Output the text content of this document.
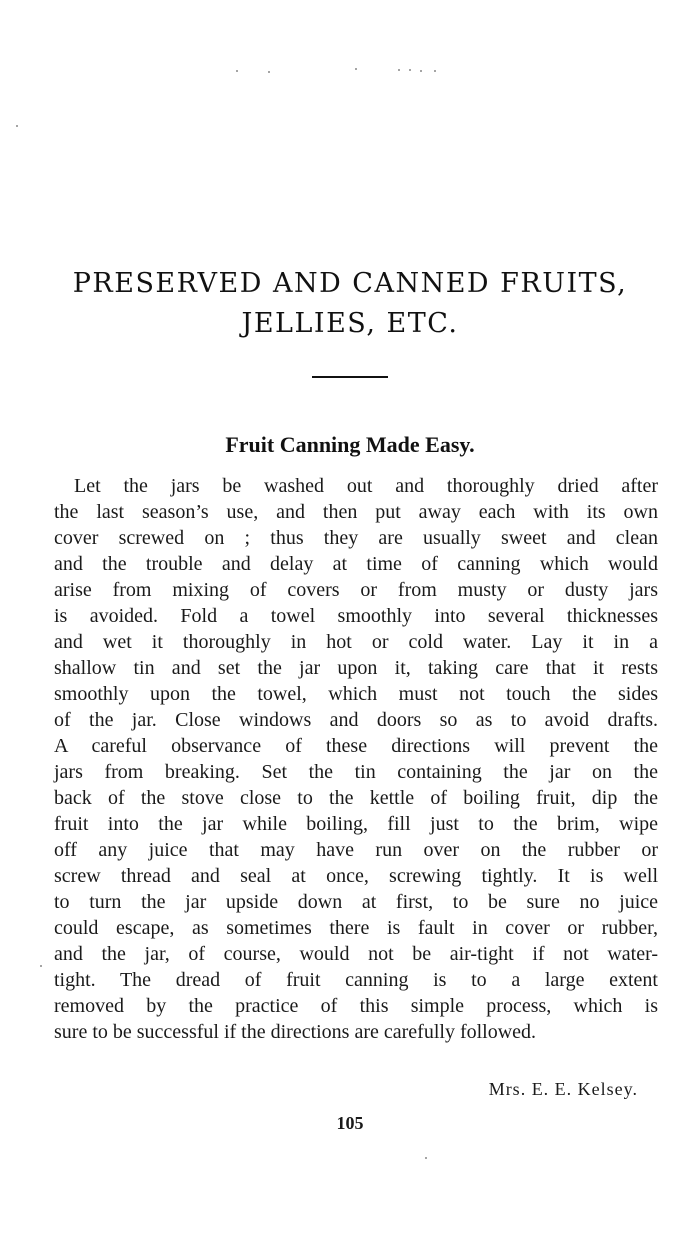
PRESERVED AND CANNED FRUITS,
JELLIES, ETC.
Fruit Canning Made Easy.
Let the jars be washed out and thoroughly dried after
the last season’s use, and then put away each with its own
cover screwed on ; thus they are usually sweet and clean
and the trouble and delay at time of canning which would
arise from mixing of covers or from musty or dusty jars
is avoided. Fold a towel smoothly into several thicknesses
and wet it thoroughly in hot or cold water. Lay it in a
shallow tin and set the jar upon it, taking care that it rests
smoothly upon the towel, which must not touch the sides
of the jar. Close windows and doors so as to avoid drafts.
A careful observance of these directions will prevent the
jars from breaking. Set the tin containing the jar on the
back of the stove close to the kettle of boiling fruit, dip the
fruit into the jar while boiling, fill just to the brim, wipe
off any juice that may have run over on the rubber or
screw thread and seal at once, screwing tightly. It is well
to turn the jar upside down at first, to be sure no juice
could escape, as sometimes there is fault in cover or rubber,
and the jar, of course, would not be air-tight if not water-
tight. The dread of fruit canning is to a large extent
removed by the practice of this simple process, which is
sure to be successful if the directions are carefully followed.
Mrs. E. E. Kelsey.
105
